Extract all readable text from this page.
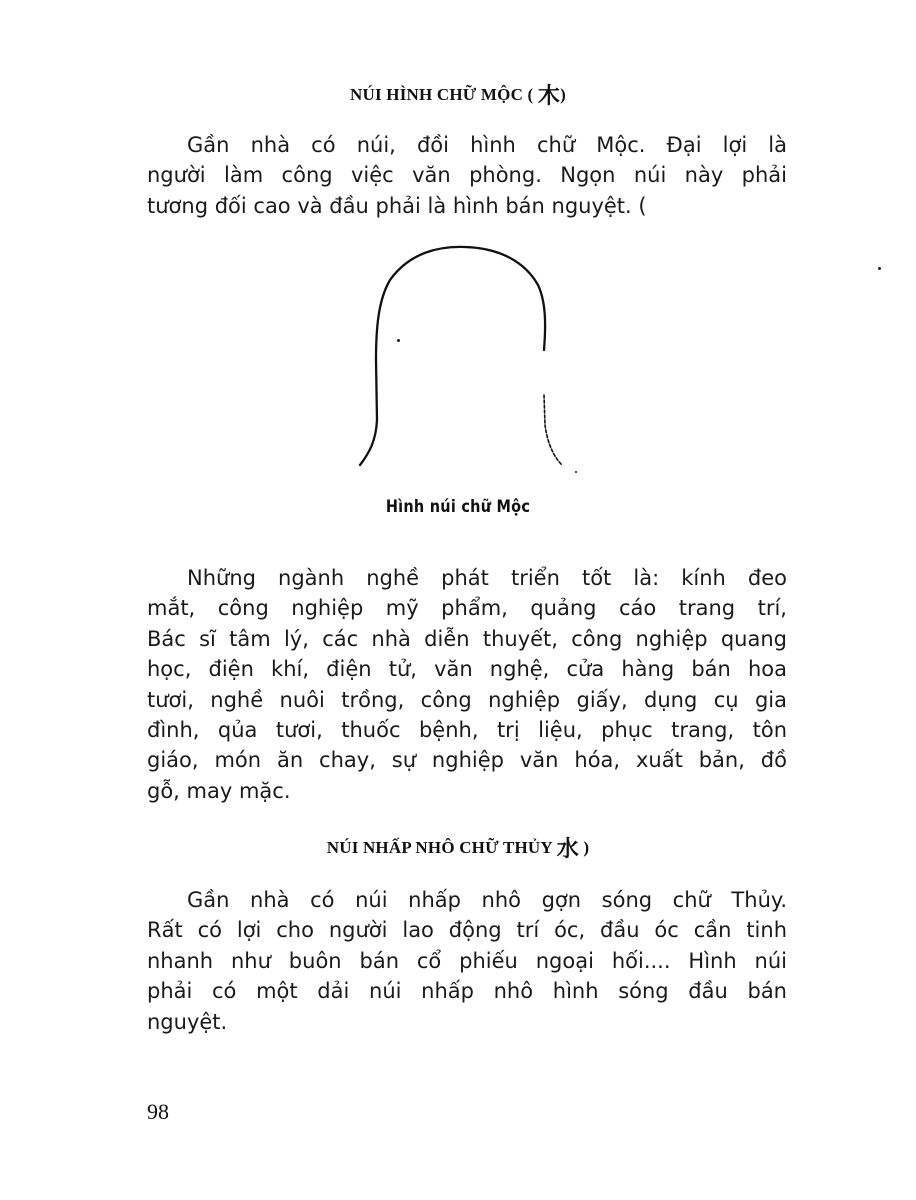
NÚI HÌNH CHỮ MỘC ( 木)
Gần nhà có núi, đồi hình chữ Mộc. Đại lợi là
người làm công việc văn phòng. Ngọn núi này phải
tương đối cao và đầu phải là hình bán nguyệt. (
Hình núi chữ Mộc
Những ngành nghề phát triển tốt là: kính đeo
mắt, công nghiệp mỹ phẩm, quảng cáo trang trí,
Bác sĩ tâm lý, các nhà diễn thuyết, công nghiệp quang
học, điện khí, điện tử, văn nghệ, cửa hàng bán hoa
tươi, nghề nuôi trồng, công nghiệp giấy, dụng cụ gia
đình, qủa tươi, thuốc bệnh, trị liệu, phục trang, tôn
giáo, món ăn chay, sự nghiệp văn hóa, xuất bản, đồ
gỗ, may mặc.
NÚI NHẤP NHÔ CHỮ THỦY 水 )
Gần nhà có núi nhấp nhô gợn sóng chữ Thủy.
Rất có lợi cho người lao động trí óc, đầu óc cần tinh
nhanh như buôn bán cổ phiếu ngoại hối.... Hình núi
phải có một dải núi nhấp nhô hình sóng đầu bán
nguyệt.
98
